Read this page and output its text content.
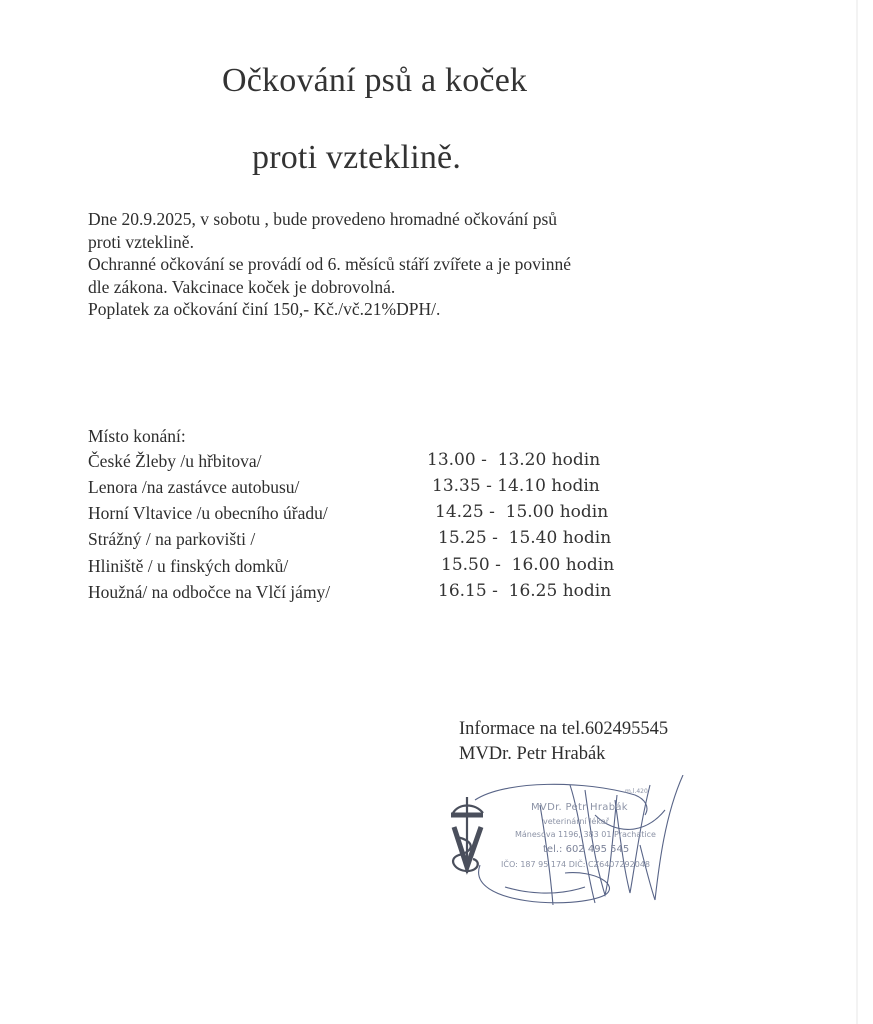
Očkování psů a koček
proti vzteklině.
Dne 20.9.2025, v sobotu , bude provedeno hromadné očkování psů
proti vzteklině.
Ochranné očkování se provádí od 6. měsíců stáří zvířete a je povinné
dle zákona. Vakcinace koček je dobrovolná.
Poplatek za očkování činí 150,- Kč./vč.21%DPH/.
Místo konání:
České Žleby /u hřbitova/	13.00 -  13.20 hodin
Lenora /na zastávce autobusu/	13.35 - 14.10 hodin
Horní Vltavice /u obecního úřadu/	14.25 -  15.00 hodin
Strážný / na parkovišti /	15.25 -  15.40 hodin
Hliniště / u finských domků/	15.50 -  16.00 hodin
Houžná/ na odbočce na Vlčí jámy/	16.15 -  16.25 hodin
Informace na tel.602495545
MVDr. Petr Hrabák
m.l.420
MVDr. Petr Hrabák
veterinární lékař
Mánesova 1196, 383 01 Prachatice
tel.: 602 495 545
IČO: 187 95 174 DIČ: CZ6407292048
